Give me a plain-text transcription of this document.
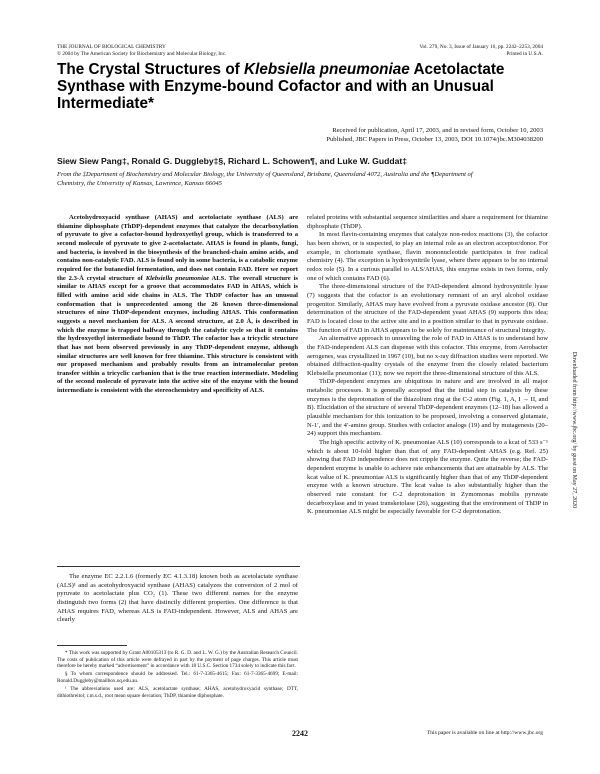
THE JOURNAL OF BIOLOGICAL CHEMISTRY
© 2004 by The American Society for Biochemistry and Molecular Biology, Inc.
Vol. 279, No. 3, Issue of January 16, pp. 2242–2253, 2004
Printed in U.S.A.
The Crystal Structures of Klebsiella pneumoniae Acetolactate Synthase with Enzyme-bound Cofactor and with an Unusual Intermediate*
Received for publication, April 17, 2003, and in revised form, October 10, 2003
Published, JBC Papers in Press, October 13, 2003, DOI 10.1074/jbc.M304038200
Siew Siew Pang‡, Ronald G. Duggleby‡§, Richard L. Schowen¶, and Luke W. Guddat‡
From the ‡Department of Biochemistry and Molecular Biology, the University of Queensland, Brisbane, Queensland 4072, Australia and the ¶Department of Chemistry, the University of Kansas, Lawrence, Kansas 66045

Acetohydroxyacid synthase (AHAS) and acetolactate synthase (ALS) are thiamine diphosphate (ThDP)-dependent enzymes that catalyze the decarboxylation of pyruvate to give a cofactor-bound hydroxyethyl group, which is transferred to a second molecule of pyruvate to give 2-acetolactate. AHAS is found in plants, fungi, and bacteria, is involved in the biosynthesis of the branched-chain amino acids, and contains non-catalytic FAD. ALS is found only in some bacteria, is a catabolic enzyme required for the butanediol fermentation, and does not contain FAD. Here we report the 2.3-Å crystal structure of Klebsiella pneumoniae ALS. The overall structure is similar to AHAS except for a groove that accommodates FAD in AHAS, which is filled with amino acid side chains in ALS. The ThDP cofactor has an unusual conformation that is unprecedented among the 26 known three-dimensional structures of nine ThDP-dependent enzymes, including AHAS. This conformation suggests a novel mechanism for ALS. A second structure, at 2.0 Å, is described in which the enzyme is trapped halfway through the catalytic cycle so that it contains the hydroxyethyl intermediate bound to ThDP. The cofactor has a tricyclic structure that has not been observed previously in any ThDP-dependent enzyme, although similar structures are well known for free thiamine. This structure is consistent with our proposed mechanism and probably results from an intramolecular proton transfer within a tricyclic carbanion that is the true reaction intermediate. Modeling of the second molecule of pyruvate into the active site of the enzyme with the bound intermediate is consistent with the stereochemistry and specificity of ALS.

The enzyme EC 2.2.1.6 (formerly EC 4.1.3.18) known both as acetolactate synthase (ALS)¹ and as acetohydroxyacid synthase (AHAS) catalyzes the conversion of 2 mol of pyruvate to acetolactate plus CO₂ (1). These two different names for the enzyme distinguish two forms (2) that have distinctly different properties. One difference is that AHAS requires FAD, whereas ALS is FAD-independent. However, ALS and AHAS are clearly

* This work was supported by Grant A00105313 (to R. G. D. and L. W. G.) by the Australian Research Council. The costs of publication of this article were defrayed in part by the payment of page charges. This article must therefore be hereby marked “advertisement” in accordance with 18 U.S.C. Section 1734 solely to indicate this fact.

§ To whom correspondence should be addressed. Tel.: 61-7-3365-4615; Fax: 61-7-3365-4699; E-mail: Ronald.Duggleby@mailbox.uq.edu.au.

¹ The abbreviations used are: ALS, acetolactate synthase; AHAS, acetohydroxyacid synthase; DTT, dithiothreitol; r.m.s.d., root mean square deviation; ThDP, thiamine diphosphate.

related proteins with substantial sequence similarities and share a requirement for thiamine diphosphate (ThDP).

In most flavin-containing enzymes that catalyze non-redox reactions (3), the cofactor has been shown, or is suspected, to play an internal role as an electron acceptor/donor. For example, in chorismate synthase, flavin mononucleotide participates in free radical chemistry (4). The exception is hydroxynitrile lyase, where there appears to be no internal redox role (5). In a curious parallel to ALS/AHAS, this enzyme exists in two forms, only one of which contains FAD (6).

The three-dimensional structure of the FAD-dependent almond hydroxynitrile lyase (7) suggests that the cofactor is an evolutionary remnant of an aryl alcohol oxidase progenitor. Similarly, AHAS may have evolved from a pyruvate oxidase ancestor (8). Our determination of the structure of the FAD-dependent yeast AHAS (9) supports this idea; FAD is located close to the active site and in a position similar to that in pyruvate oxidase. The function of FAD in AHAS appears to be solely for maintenance of structural integrity.

An alternative approach to unraveling the role of FAD in AHAS is to understand how the FAD-independent ALS can dispense with this cofactor. This enzyme, from Aerobacter aerogenes, was crystallized in 1967 (10), but no x-ray diffraction studies were reported. We obtained diffraction-quality crystals of the enzyme from the closely related bacterium Klebsiella pneumoniae (11); now we report the three-dimensional structure of this ALS.

ThDP-dependent enzymes are ubiquitous in nature and are involved in all major metabolic processes. It is generally accepted that the initial step in catalysis by these enzymes is the deprotonation of the thiazolium ring at the C-2 atom (Fig. 1, A, I → II, and B). Elucidation of the structure of several ThDP-dependent enzymes (12–18) has allowed a plausible mechanism for this ionization to be proposed, involving a conserved glutamate, N-1′, and the 4′-amino group. Studies with cofactor analogs (19) and by mutagenesis (20–24) support this mechanism.

The high specific activity of K. pneumoniae ALS (10) corresponds to a kcat of 533 s⁻¹ which is about 10-fold higher than that of any FAD-dependent AHAS (e.g. Ref. 25) showing that FAD independence does not cripple the enzyme. Quite the reverse; the FAD-dependent enzyme is unable to achieve rate enhancements that are attainable by ALS. The kcat value of K. pneumoniae ALS is significantly higher than that of any ThDP-dependent enzyme with a known structure. The kcat value is also substantially higher than the observed rate constant for C-2 deprotonation in Zymomonas mobilis pyruvate decarboxylase and in yeast transketolase (26), suggesting that the environment of ThDP in K. pneumoniae ALS might be especially favorable for C-2 deprotonation.

2242	This paper is available on line at http://www.jbc.org
Downloaded from http://www.jbc.org/ by guest on May 27, 2020
